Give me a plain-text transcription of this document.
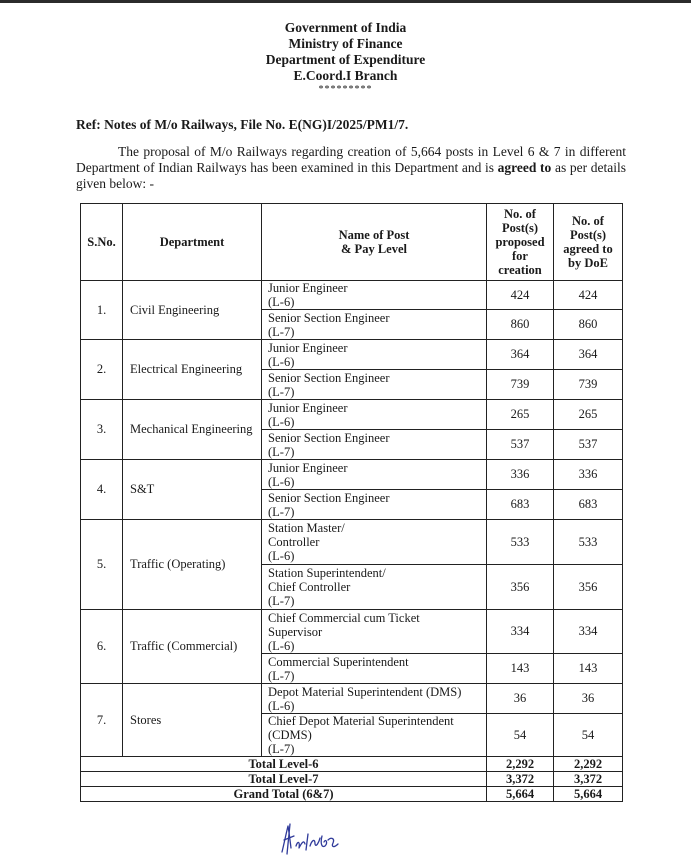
Government of India
Ministry of Finance
Department of Expenditure
E.Coord.I Branch
*********
Ref: Notes of M/o Railways, File No. E(NG)I/2025/PM1/7.
The proposal of M/o Railways regarding creation of 5,664 posts in Level 6 & 7 in different Department of Indian Railways has been examined in this Department and is agreed to as per details given below: -
S.No.	Department	Name of Post
& Pay Level	No. of
Post(s)
proposed
for
creation	No. of
Post(s)
agreed to
by DoE
1.	Civil Engineering	Junior Engineer
(L-6)	424	424
		Senior Section Engineer
(L-7)	860	860
2.	Electrical Engineering	Junior Engineer
(L-6)	364	364
		Senior Section Engineer
(L-7)	739	739
3.	Mechanical Engineering	Junior Engineer
(L-6)	265	265
		Senior Section Engineer
(L-7)	537	537
4.	S&T	Junior Engineer
(L-6)	336	336
		Senior Section Engineer
(L-7)	683	683
5.	Traffic (Operating)	Station Master/
Controller
(L-6)	533	533
		Station Superintendent/
Chief Controller
(L-7)	356	356
6.	Traffic (Commercial)	Chief Commercial cum Ticket
Supervisor
(L-6)	334	334
		Commercial Superintendent
(L-7)	143	143
7.	Stores	Depot Material Superintendent (DMS)
(L-6)	36	36
		Chief Depot Material Superintendent
(CDMS)
(L-7)	54	54
Total Level-6			2,292	2,292
Total Level-7			3,372	3,372
Grand Total (6&7)			5,664	5,664
